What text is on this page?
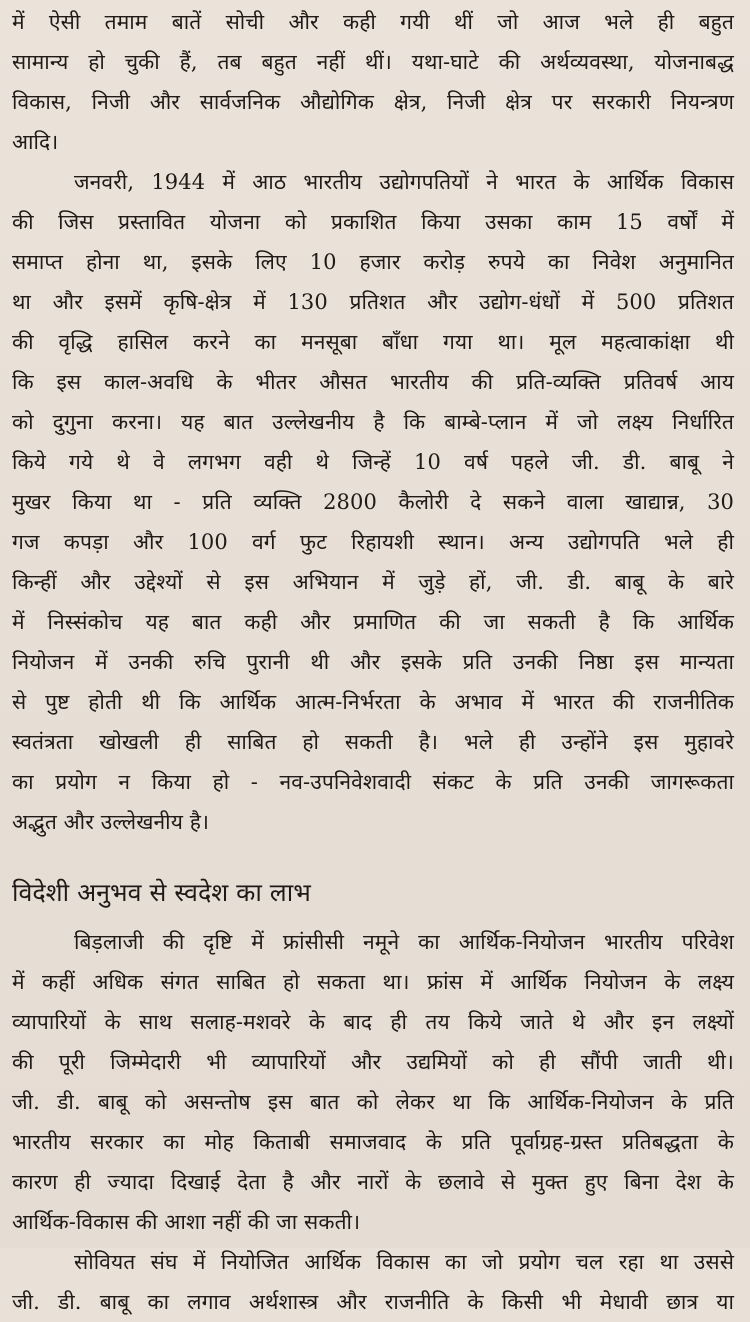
में ऐसी तमाम बातें सोची और कही गयी थीं जो आज भले ही बहुत
सामान्य हो चुकी हैं, तब बहुत नहीं थीं। यथा-घाटे की अर्थव्यवस्था, योजनाबद्ध
विकास, निजी और सार्वजनिक औद्योगिक क्षेत्र, निजी क्षेत्र पर सरकारी नियन्त्रण
आदि।
जनवरी, 1944 में आठ भारतीय उद्योगपतियों ने भारत के आर्थिक विकास
की जिस प्रस्तावित योजना को प्रकाशित किया उसका काम 15 वर्षों में
समाप्त होना था, इसके लिए 10 हजार करोड़ रुपये का निवेश अनुमानित
था और इसमें कृषि-क्षेत्र में 130 प्रतिशत और उद्योग-धंधों में 500 प्रतिशत
की वृद्धि हासिल करने का मनसूबा बाँधा गया था। मूल महत्वाकांक्षा थी
कि इस काल-अवधि के भीतर औसत भारतीय की प्रति-व्यक्ति प्रतिवर्ष आय
को दुगुना करना। यह बात उल्लेखनीय है कि बाम्बे-प्लान में जो लक्ष्य निर्धारित
किये गये थे वे लगभग वही थे जिन्हें 10 वर्ष पहले जी. डी. बाबू ने
मुखर किया था - प्रति व्यक्ति 2800 कैलोरी दे सकने वाला खाद्यान्न, 30
गज कपड़ा और 100 वर्ग फुट रिहायशी स्थान। अन्य उद्योगपति भले ही
किन्हीं और उद्देश्यों से इस अभियान में जुड़े हों, जी. डी. बाबू के बारे
में निस्संकोच यह बात कही और प्रमाणित की जा सकती है कि आर्थिक
नियोजन में उनकी रुचि पुरानी थी और इसके प्रति उनकी निष्ठा इस मान्यता
से पुष्ट होती थी कि आर्थिक आत्म-निर्भरता के अभाव में भारत की राजनीतिक
स्वतंत्रता खोखली ही साबित हो सकती है। भले ही उन्होंने इस मुहावरे
का प्रयोग न किया हो - नव-उपनिवेशवादी संकट के प्रति उनकी जागरूकता
अद्भुत और उल्लेखनीय है।
विदेशी अनुभव से स्वदेश का लाभ
बिड़लाजी की दृष्टि में फ्रांसीसी नमूने का आर्थिक-नियोजन भारतीय परिवेश
में कहीं अधिक संगत साबित हो सकता था। फ्रांस में आर्थिक नियोजन के लक्ष्य
व्यापारियों के साथ सलाह-मशवरे के बाद ही तय किये जाते थे और इन लक्ष्यों
की पूरी जिम्मेदारी भी व्यापारियों और उद्यमियों को ही सौंपी जाती थी।
जी. डी. बाबू को असन्तोष इस बात को लेकर था कि आर्थिक-नियोजन के प्रति
भारतीय सरकार का मोह किताबी समाजवाद के प्रति पूर्वाग्रह-ग्रस्त प्रतिबद्धता के
कारण ही ज्यादा दिखाई देता है और नारों के छलावे से मुक्त हुए बिना देश के
आर्थिक-विकास की आशा नहीं की जा सकती।
सोवियत संघ में नियोजित आर्थिक विकास का जो प्रयोग चल रहा था उससे
जी. डी. बाबू का लगाव अर्थशास्त्र और राजनीति के किसी भी मेधावी छात्र या
